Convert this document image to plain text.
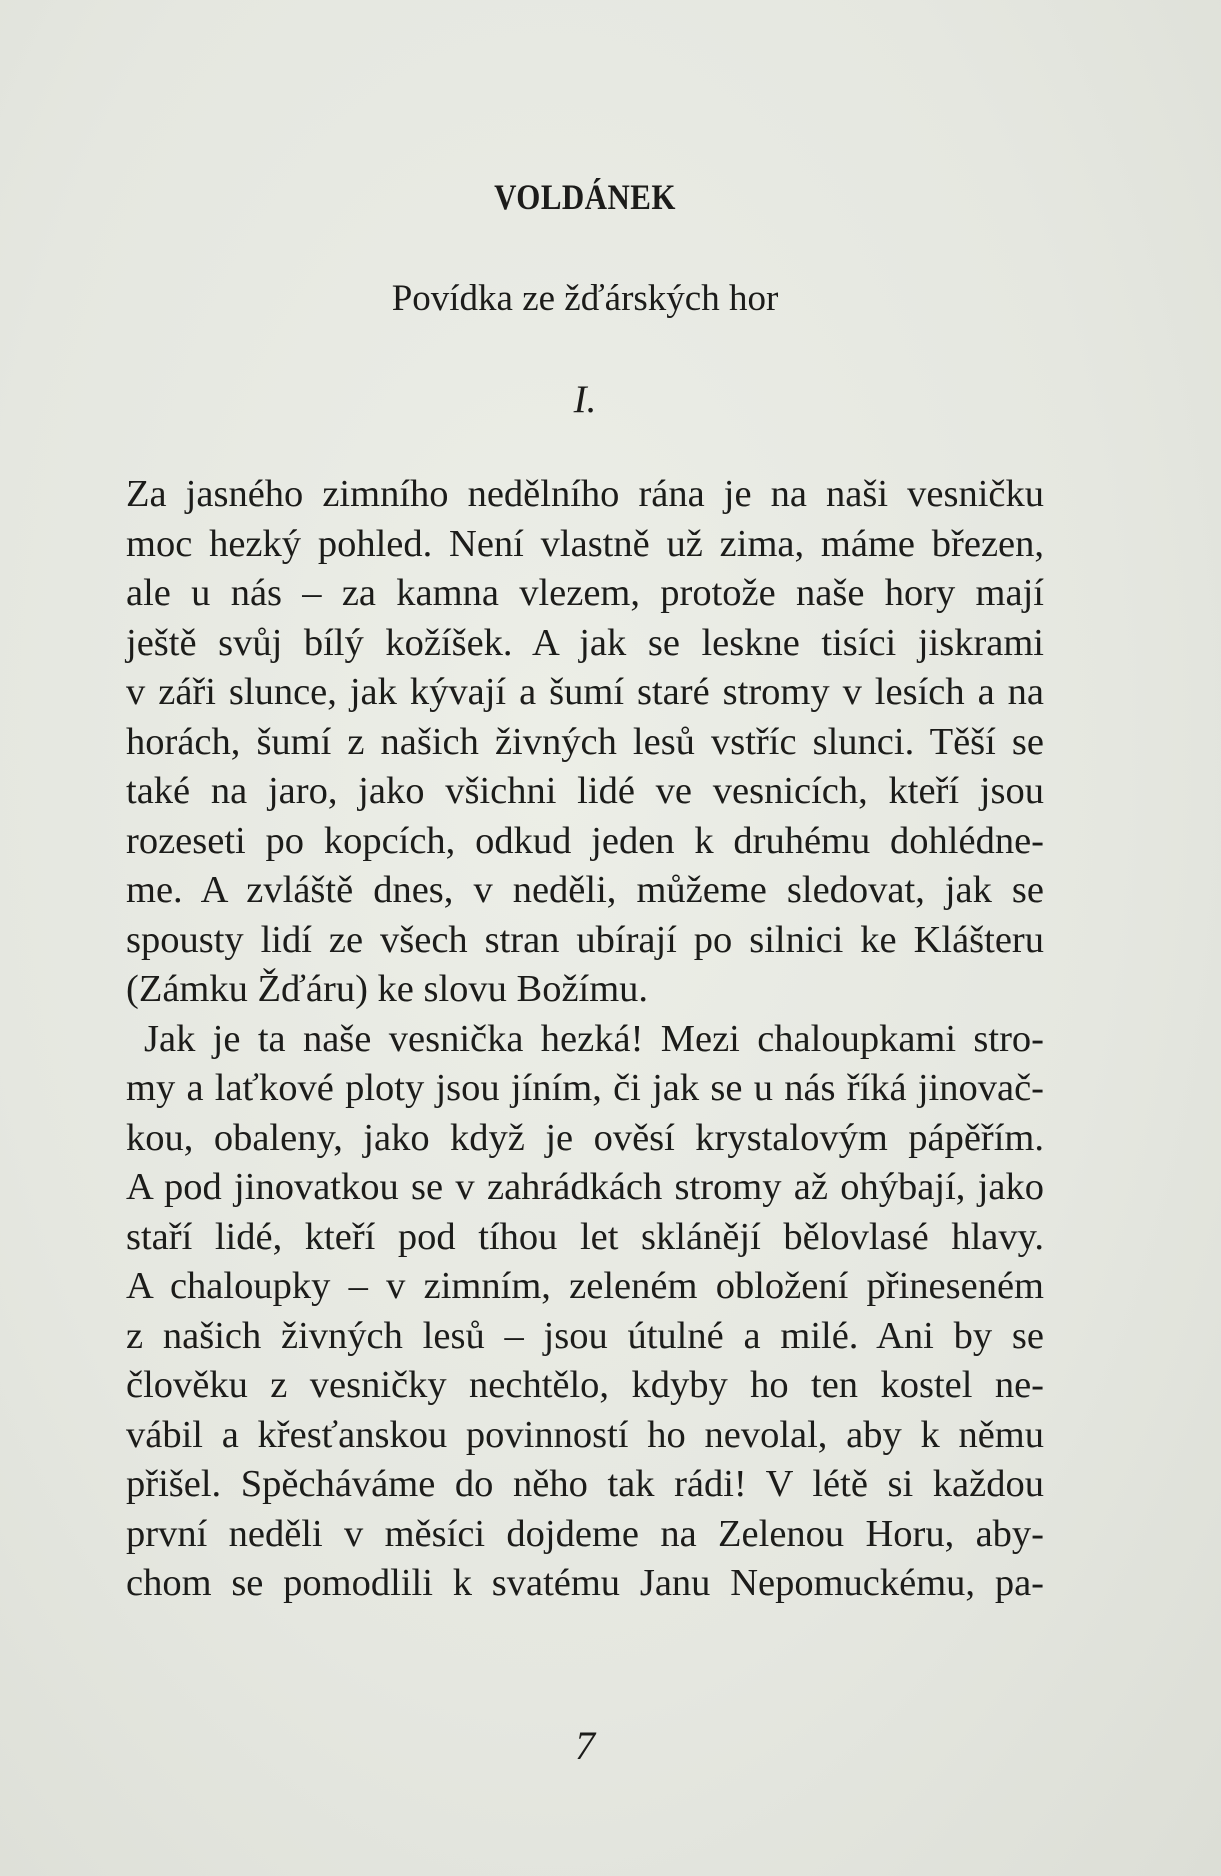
VOLDÁNEK
Povídka ze žďárských hor
I.
Za jasného zimního nedělního rána je na naši vesničku
moc hezký pohled. Není vlastně už zima, máme březen,
ale u nás – za kamna vlezem, protože naše hory mají
ještě svůj bílý kožíšek. A jak se leskne tisíci jiskrami
v záři slunce, jak kývají a šumí staré stromy v lesích a na
horách, šumí z našich živných lesů vstříc slunci. Těší se
také na jaro, jako všichni lidé ve vesnicích, kteří jsou
rozeseti po kopcích, odkud jeden k druhému dohlédne-
me. A zvláště dnes, v neděli, můžeme sledovat, jak se
spousty lidí ze všech stran ubírají po silnici ke Klášteru
(Zámku Žďáru) ke slovu Božímu.
Jak je ta naše vesnička hezká! Mezi chaloupkami stro-
my a laťkové ploty jsou jíním, či jak se u nás říká jinovač-
kou, obaleny, jako když je ověsí krystalovým pápěřím.
A pod jinovatkou se v zahrádkách stromy až ohýbají, jako
staří lidé, kteří pod tíhou let sklánějí bělovlasé hlavy.
A chaloupky – v zimním, zeleném obložení přineseném
z našich živných lesů – jsou útulné a milé. Ani by se
člověku z vesničky nechtělo, kdyby ho ten kostel ne-
vábil a křesťanskou povinností ho nevolal, aby k němu
přišel. Spěcháváme do něho tak rádi! V létě si každou
první neděli v měsíci dojdeme na Zelenou Horu, aby-
chom se pomodlili k svatému Janu Nepomuckému, pa-
7
